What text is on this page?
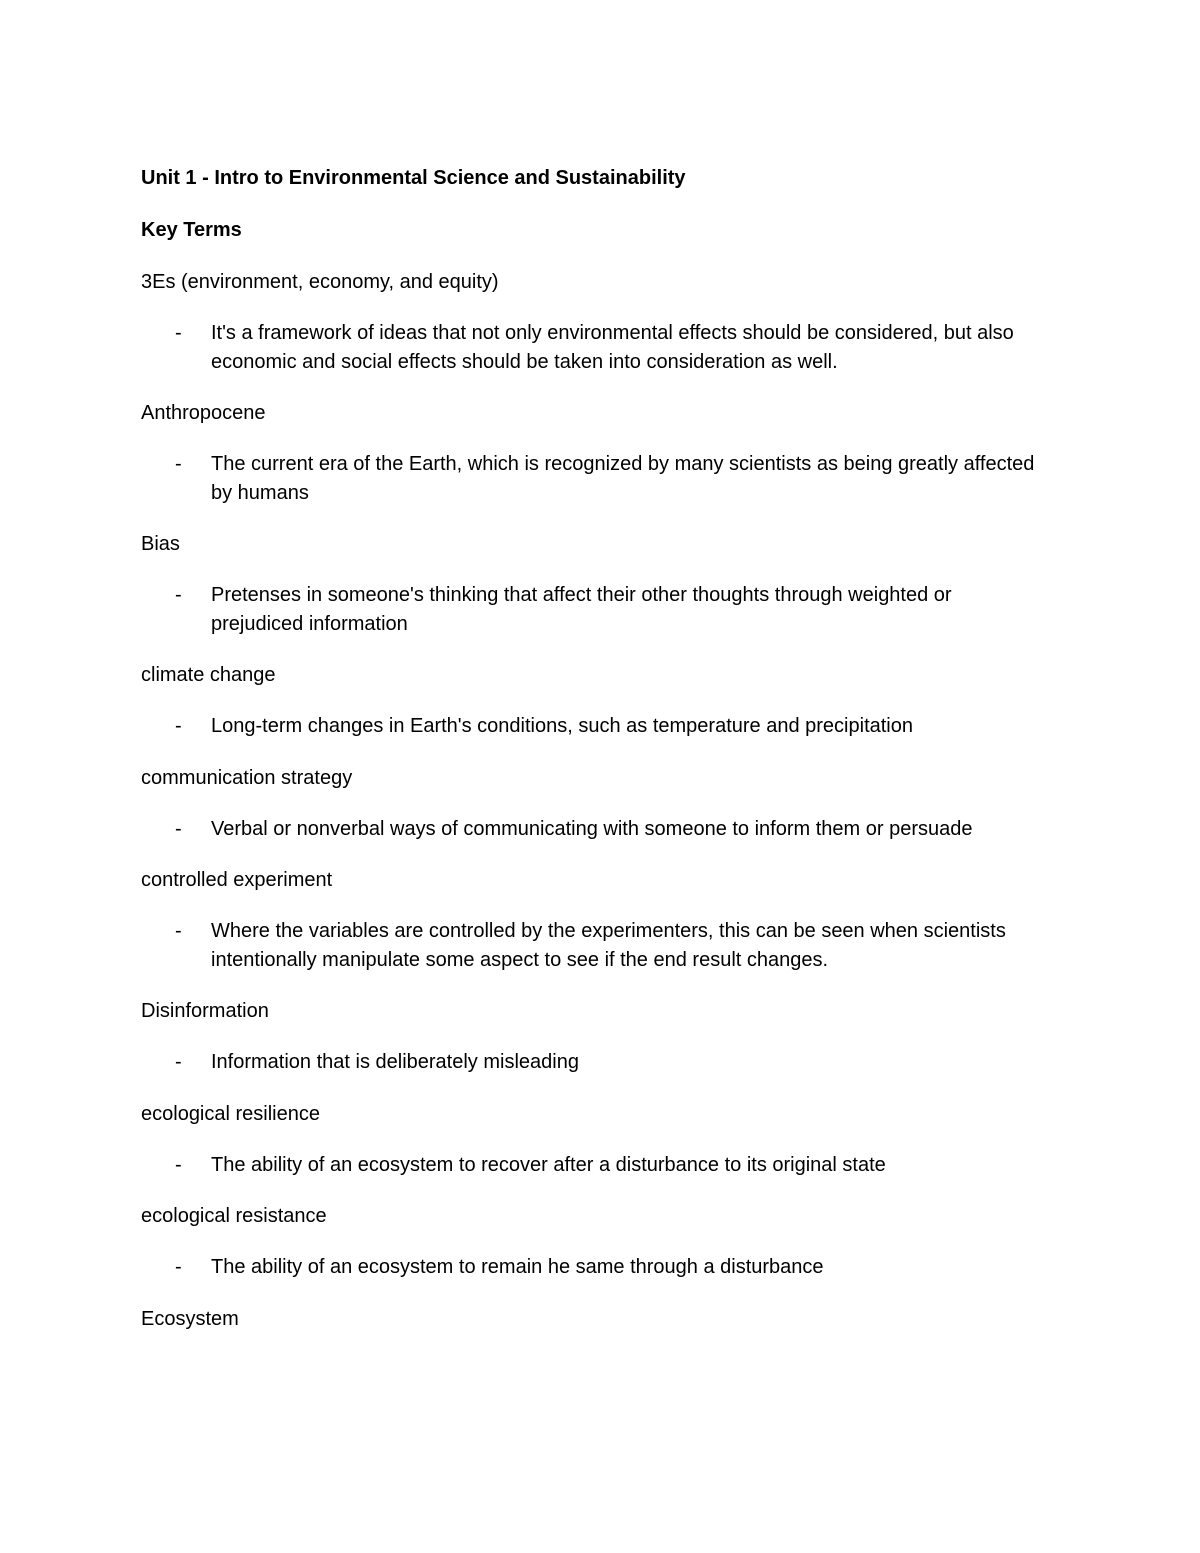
Unit 1 - Intro to Environmental Science and Sustainability
Key Terms
3Es (environment, economy, and equity)
- It's a framework of ideas that not only environmental effects should be considered, but also economic and social effects should be taken into consideration as well.
Anthropocene
- The current era of the Earth, which is recognized by many scientists as being greatly affected by humans
Bias
- Pretenses in someone's thinking that affect their other thoughts through weighted or prejudiced information
climate change
- Long-term changes in Earth's conditions, such as temperature and precipitation
communication strategy
- Verbal or nonverbal ways of communicating with someone to inform them or persuade
controlled experiment
- Where the variables are controlled by the experimenters, this can be seen when scientists intentionally manipulate some aspect to see if the end result changes.
Disinformation
- Information that is deliberately misleading
ecological resilience
- The ability of an ecosystem to recover after a disturbance to its original state
ecological resistance
- The ability of an ecosystem to remain he same through a disturbance
Ecosystem
